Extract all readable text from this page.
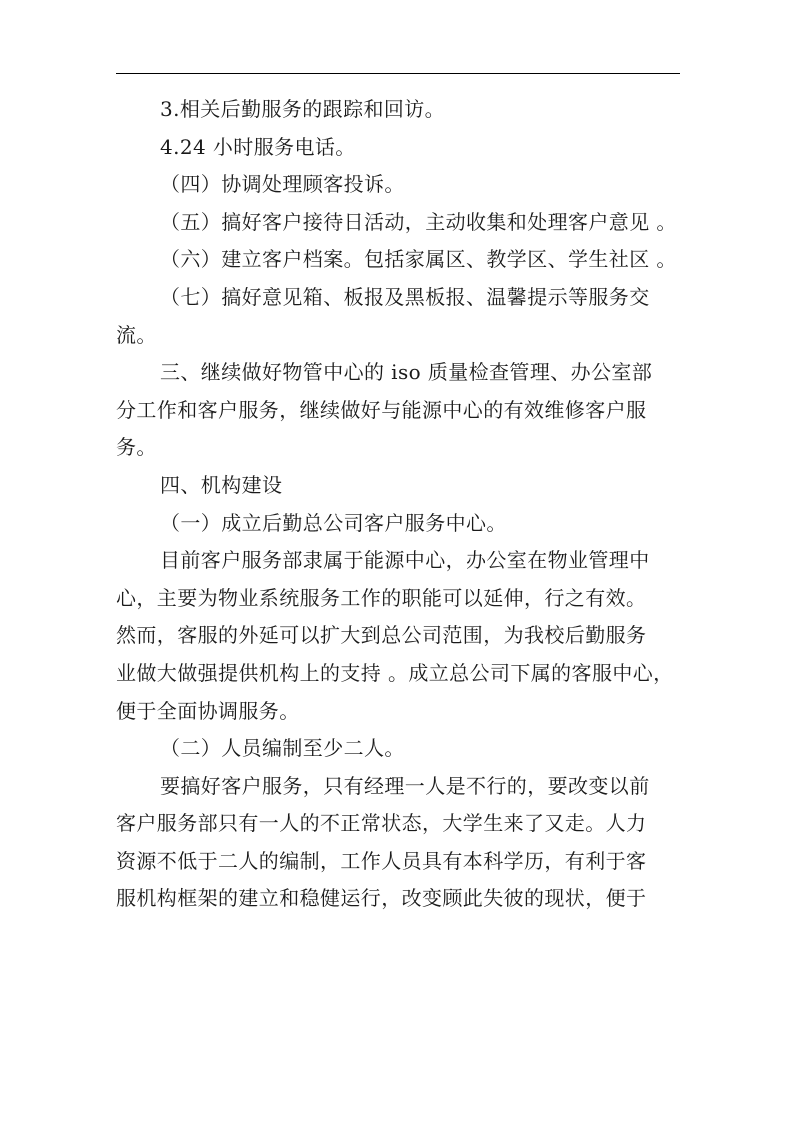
3.相关后勤服务的跟踪和回访。

4.24 小时服务电话。

（四）协调处理顾客投诉。

（五）搞好客户接待日活动，主动收集和处理客户意见 。

（六）建立客户档案。包括家属区、教学区、学生社区 。

（七）搞好意见箱、板报及黑板报、温馨提示等服务交

流。

三、继续做好物管中心的 iso 质量检查管理、办公室部

分工作和客户服务，继续做好与能源中心的有效维修客户服

务。

四、机构建设

（一）成立后勤总公司客户服务中心。

目前客户服务部隶属于能源中心，办公室在物业管理中

心，主要为物业系统服务工作的职能可以延伸，行之有效。

然而，客服的外延可以扩大到总公司范围，为我校后勤服务

业做大做强提供机构上的支持 。成立总公司下属的客服中心，

便于全面协调服务。

（二）人员编制至少二人。

要搞好客户服务，只有经理一人是不行的，要改变以前

客户服务部只有一人的不正常状态，大学生来了又走。人力

资源不低于二人的编制，工作人员具有本科学历，有利于客

服机构框架的建立和稳健运行，改变顾此失彼的现状，便于
